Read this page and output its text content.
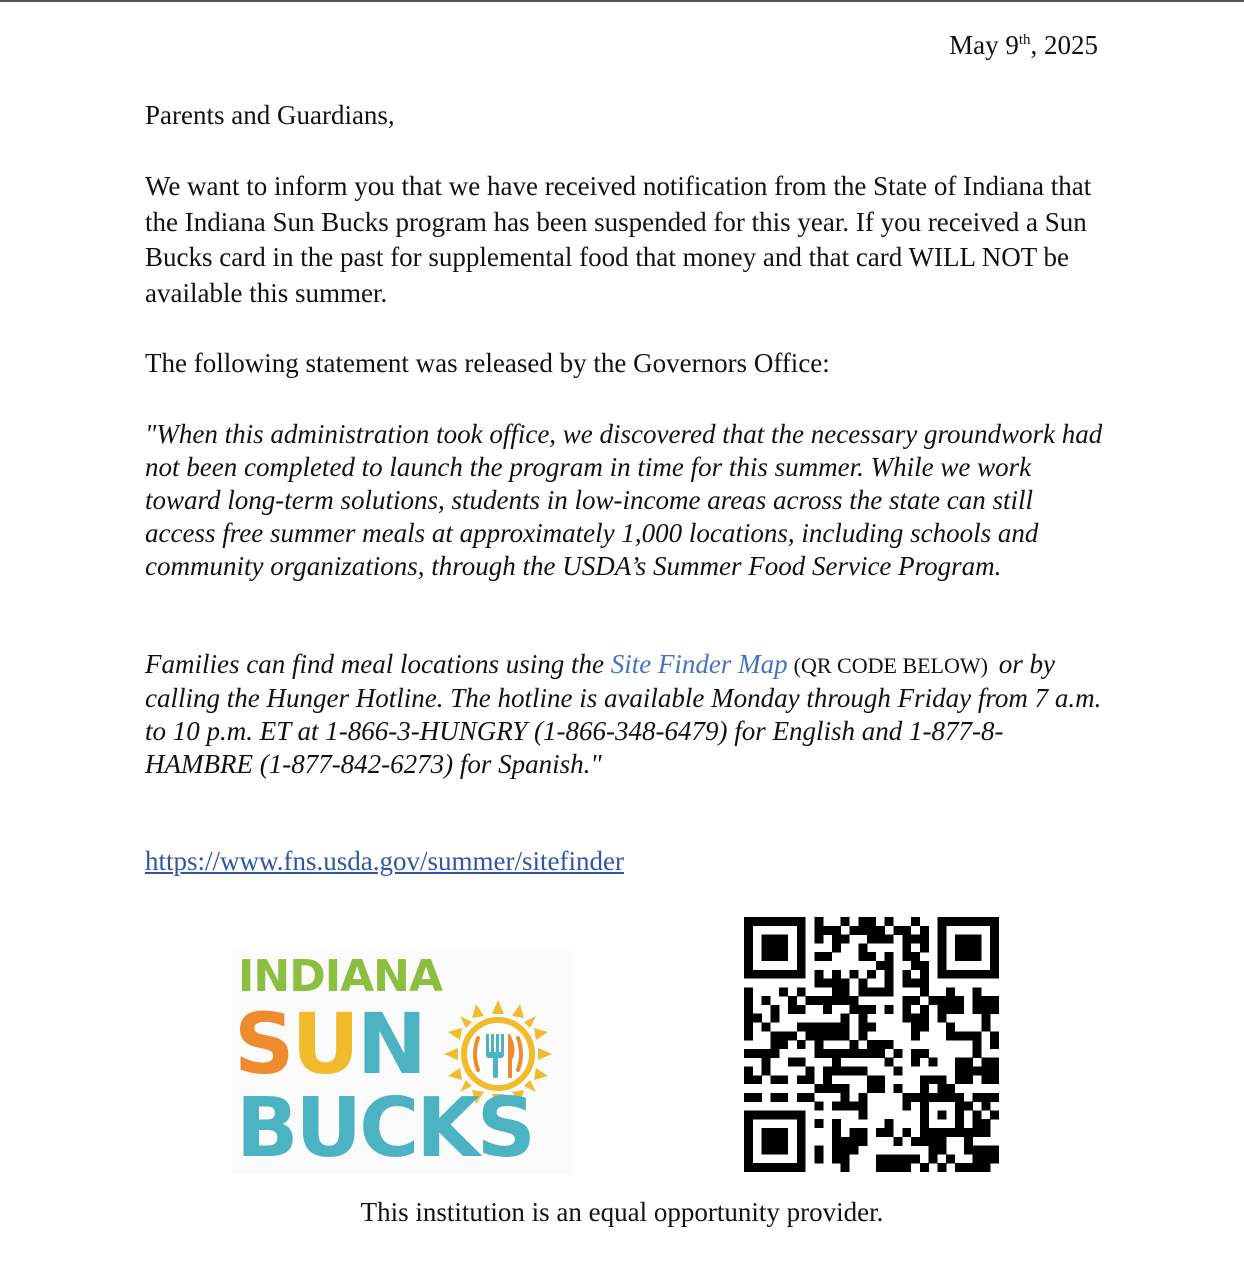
May 9th, 2025

Parents and Guardians,

We want to inform you that we have received notification from the State of Indiana that the Indiana Sun Bucks program has been suspended for this year. If you received a Sun Bucks card in the past for supplemental food that money and that card WILL NOT be available this summer.

The following statement was released by the Governors Office:

"When this administration took office, we discovered that the necessary groundwork had not been completed to launch the program in time for this summer. While we work toward long-term solutions, students in low-income areas across the state can still access free summer meals at approximately 1,000 locations, including schools and community organizations, through the USDA’s Summer Food Service Program.

Families can find meal locations using the Site Finder Map (QR CODE BELOW) or by calling the Hunger Hotline. The hotline is available Monday through Friday from 7 a.m. to 10 p.m. ET at 1-866-3-HUNGRY (1-866-348-6479) for English and 1-877-8-HAMBRE (1-877-842-6273) for Spanish."

https://www.fns.usda.gov/summer/sitefinder
INDIANA
SUN
BUCKS
This institution is an equal opportunity provider.
